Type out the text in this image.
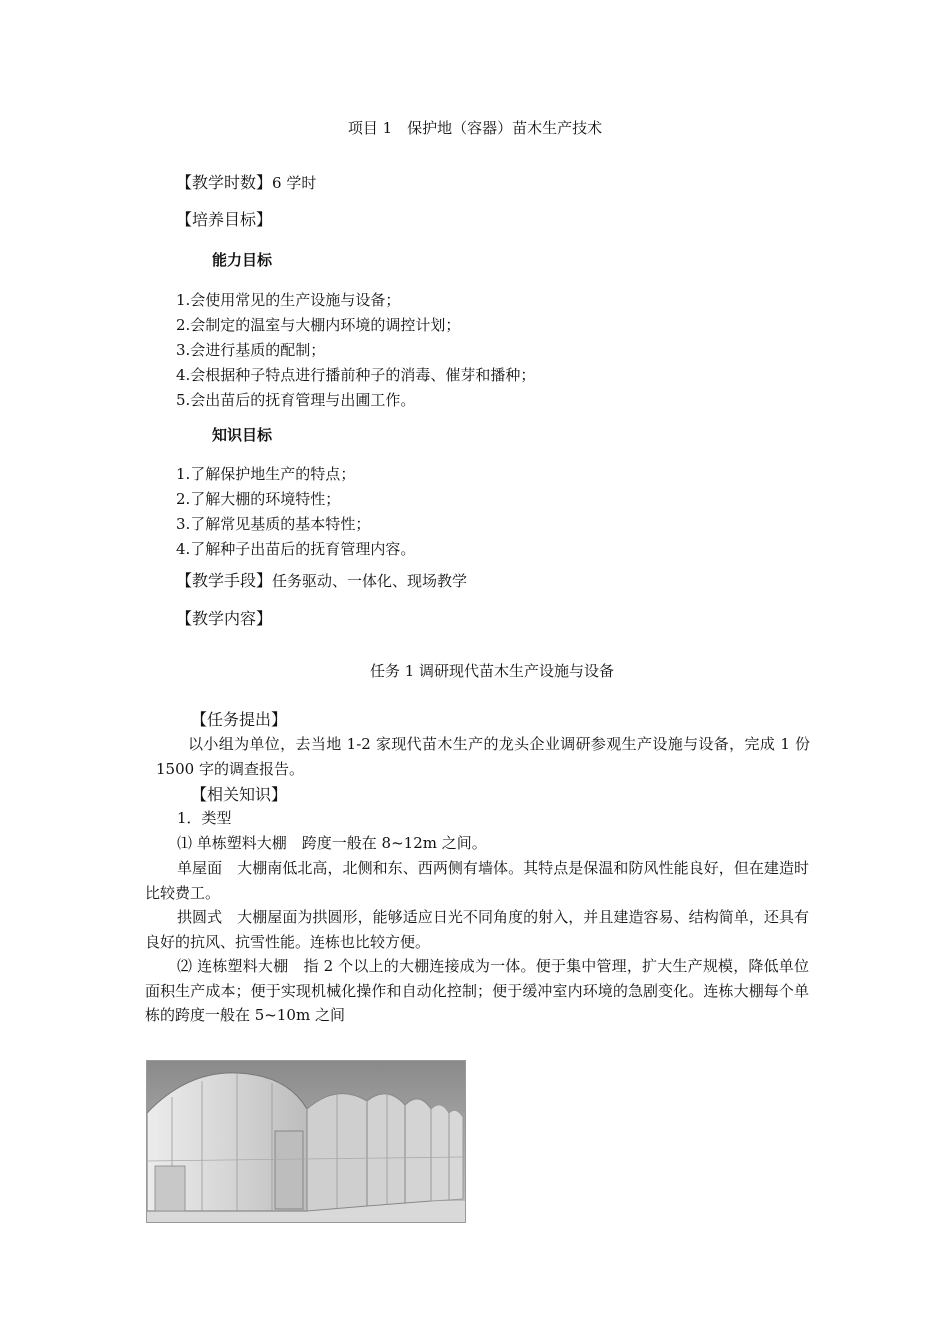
项目 1　保护地（容器）苗木生产技术
【教学时数】6 学时
【培养目标】
能力目标
1.会使用常见的生产设施与设备；
2.会制定的温室与大棚内环境的调控计划；
3.会进行基质的配制；
4.会根据种子特点进行播前种子的消毒、催芽和播种；
5.会出苗后的抚育管理与出圃工作。
知识目标
1.了解保护地生产的特点；
2.了解大棚的环境特性；
3.了解常见基质的基本特性；
4.了解种子出苗后的抚育管理内容。
【教学手段】任务驱动、一体化、现场教学
【教学内容】
任务 1 调研现代苗木生产设施与设备
【任务提出】
以小组为单位，去当地 1-2 家现代苗木生产的龙头企业调研参观生产设施与设备，完成 1 份 1500 字的调查报告。
【相关知识】
1．类型
⑴ 单栋塑料大棚　跨度一般在 8~12m 之间。
单屋面　大棚南低北高，北侧和东、西两侧有墙体。其特点是保温和防风性能良好，但在建造时比较费工。
拱圆式　大棚屋面为拱圆形，能够适应日光不同角度的射入，并且建造容易、结构简单，还具有良好的抗风、抗雪性能。连栋也比较方便。
⑵ 连栋塑料大棚　指 2 个以上的大棚连接成为一体。便于集中管理，扩大生产规模，降低单位面积生产成本；便于实现机械化操作和自动化控制；便于缓冲室内环境的急剧变化。连栋大棚每个单栋的跨度一般在 5~10m 之间
